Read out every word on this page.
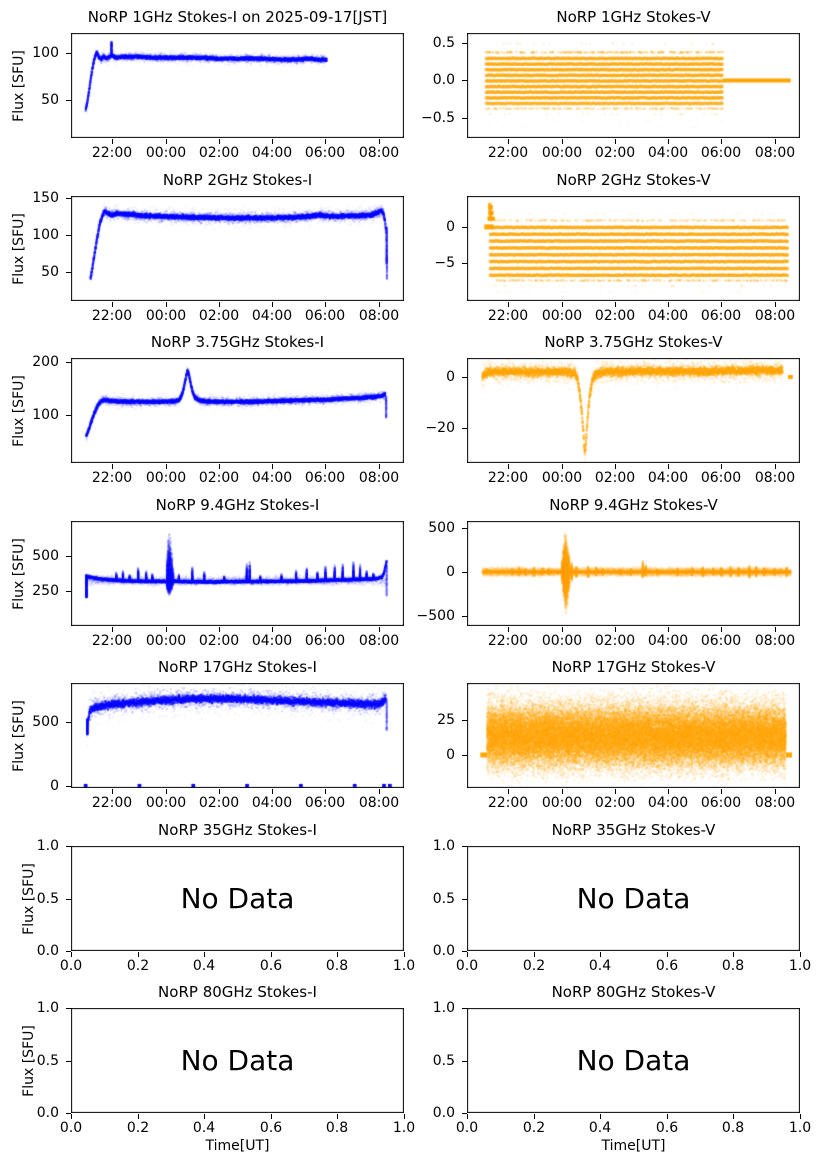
NoRP 1GHz Stokes-I on 2025-09-17[JST]
50
100
22:00 00:00 02:00 04:00 06:00 08:00
Flux [SFU]
NoRP 1GHz Stokes-V
−0.5
0.0
0.5
22:00 00:00 02:00 04:00 06:00 08:00
NoRP 2GHz Stokes-I
50
100
150
22:00 00:00 02:00 04:00 06:00 08:00
Flux [SFU]
NoRP 2GHz Stokes-V
−5
0
22:00 00:00 02:00 04:00 06:00 08:00
NoRP 3.75GHz Stokes-I
100
200
22:00 00:00 02:00 04:00 06:00 08:00
Flux [SFU]
NoRP 3.75GHz Stokes-V
−20
0
22:00 00:00 02:00 04:00 06:00 08:00
NoRP 9.4GHz Stokes-I
250
500
22:00 00:00 02:00 04:00 06:00 08:00
Flux [SFU]
NoRP 9.4GHz Stokes-V
−500
0
500
22:00 00:00 02:00 04:00 06:00 08:00
NoRP 17GHz Stokes-I
0
500
22:00 00:00 02:00 04:00 06:00 08:00
Flux [SFU]
NoRP 17GHz Stokes-V
0
25
22:00 00:00 02:00 04:00 06:00 08:00
NoRP 35GHz Stokes-I
0.0
0.5
1.0
0.0	0.2	0.4	0.6	0.8	1.0
Flux [SFU]	No Data
NoRP 35GHz Stokes-V
0.0
0.5
1.0
0.0	0.2	0.4	0.6	0.8	1.0
No Data
NoRP 80GHz Stokes-I
0.0
0.5
1.0
0.0	0.2	0.4	0.6	0.8	1.0
Flux [SFU]
Time[UT]
No Data
NoRP 80GHz Stokes-V
0.0
0.5
1.0
0.0	0.2	0.4	0.6	0.8	1.0
Time[UT]
No Data
